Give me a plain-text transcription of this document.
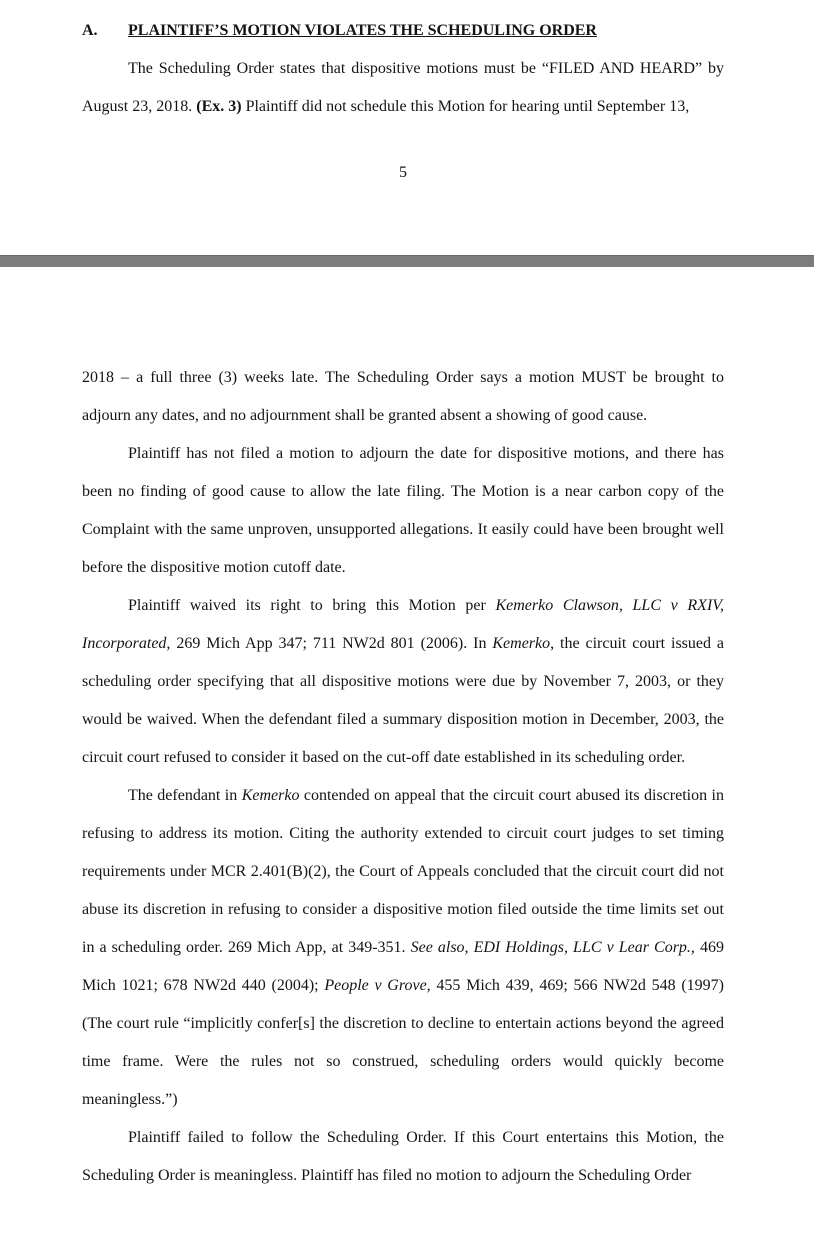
A.	PLAINTIFF’S MOTION VIOLATES THE SCHEDULING ORDER

The Scheduling Order states that dispositive motions must be “FILED AND HEARD” by August 23, 2018. (Ex. 3) Plaintiff did not schedule this Motion for hearing until September 13,

5

2018 – a full three (3) weeks late. The Scheduling Order says a motion MUST be brought to adjourn any dates, and no adjournment shall be granted absent a showing of good cause.

Plaintiff has not filed a motion to adjourn the date for dispositive motions, and there has been no finding of good cause to allow the late filing. The Motion is a near carbon copy of the Complaint with the same unproven, unsupported allegations. It easily could have been brought well before the dispositive motion cutoff date.

Plaintiff waived its right to bring this Motion per Kemerko Clawson, LLC v RXIV, Incorporated, 269 Mich App 347; 711 NW2d 801 (2006). In Kemerko, the circuit court issued a scheduling order specifying that all dispositive motions were due by November 7, 2003, or they would be waived. When the defendant filed a summary disposition motion in December, 2003, the circuit court refused to consider it based on the cut-off date established in its scheduling order.

The defendant in Kemerko contended on appeal that the circuit court abused its discretion in refusing to address its motion. Citing the authority extended to circuit court judges to set timing requirements under MCR 2.401(B)(2), the Court of Appeals concluded that the circuit court did not abuse its discretion in refusing to consider a dispositive motion filed outside the time limits set out in a scheduling order. 269 Mich App, at 349-351. See also, EDI Holdings, LLC v Lear Corp., 469 Mich 1021; 678 NW2d 440 (2004); People v Grove, 455 Mich 439, 469; 566 NW2d 548 (1997) (The court rule “implicitly confer[s] the discretion to decline to entertain actions beyond the agreed time frame. Were the rules not so construed, scheduling orders would quickly become meaningless.”)

Plaintiff failed to follow the Scheduling Order. If this Court entertains this Motion, the Scheduling Order is meaningless. Plaintiff has filed no motion to adjourn the Scheduling Order
